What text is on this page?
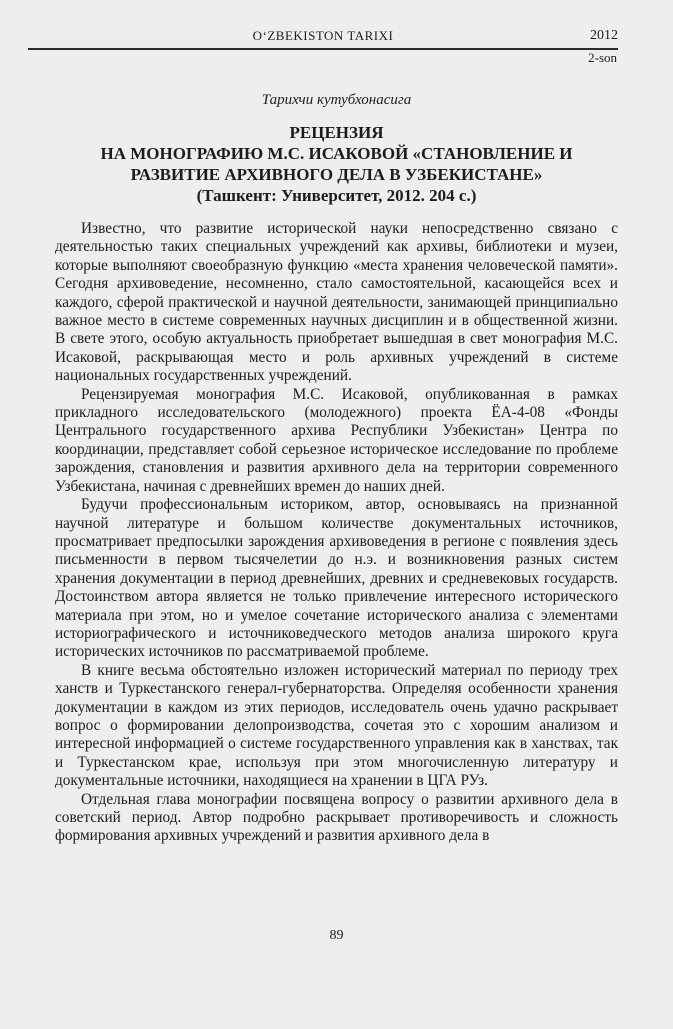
O‘ZBEKISTON TARIXI	2012
2-son
Тарихчи кутубхонасига
РЕЦЕНЗИЯ
НА МОНОГРАФИЮ М.С. ИСАКОВОЙ «СТАНОВЛЕНИЕ И
РАЗВИТИЕ АРХИВНОГО ДЕЛА В УЗБЕКИСТАНЕ»
(Ташкент: Университет, 2012. 204 с.)

Известно, что развитие исторической науки непосредственно связано с деятельностью таких специальных учреждений как архивы, библиотеки и музеи, которые выполняют своеобразную функцию «места хранения человеческой памяти». Сегодня архивоведение, несомненно, стало самостоятельной, касающейся всех и каждого, сферой практической и научной деятельности, занимающей принципиально важное место в системе современных научных дисциплин и в общественной жизни. В свете этого, особую актуальность приобретает вышедшая в свет монография М.С. Исаковой, раскрывающая место и роль архивных учреждений в системе национальных государственных учреждений.

Рецензируемая монография М.С. Исаковой, опубликованная в рамках прикладного исследовательского (молодежного) проекта ЁА-4-08 «Фонды Центрального государственного архива Республики Узбекистан» Центра по координации, представляет собой серьезное историческое исследование по проблеме зарождения, становления и развития архивного дела на территории современного Узбекистана, начиная с древнейших времен до наших дней.

Будучи профессиональным историком, автор, основываясь на признанной научной литературе и большом количестве документальных источников, просматривает предпосылки зарождения архивоведения в регионе с появления здесь письменности в первом тысячелетии до н.э. и возникновения разных систем хранения документации в период древнейших, древних и средневековых государств. Достоинством автора является не только привлечение интересного исторического материала при этом, но и умелое сочетание исторического анализа с элементами историографического и источниковедческого методов анализа широкого круга исторических источников по рассматриваемой проблеме.

В книге весьма обстоятельно изложен исторический материал по периоду трех ханств и Туркестанского генерал-губернаторства. Определяя особенности хранения документации в каждом из этих периодов, исследователь очень удачно раскрывает вопрос о формировании делопроизводства, сочетая это с хорошим анализом и интересной информацией о системе государственного управления как в ханствах, так и Туркестанском крае, используя при этом многочисленную литературу и документальные источники, находящиеся на хранении в ЦГА РУз.

Отдельная глава монографии посвящена вопросу о развитии архивного дела в советский период. Автор подробно раскрывает противоречивость и сложность формирования архивных учреждений и развития архивного дела в

89
